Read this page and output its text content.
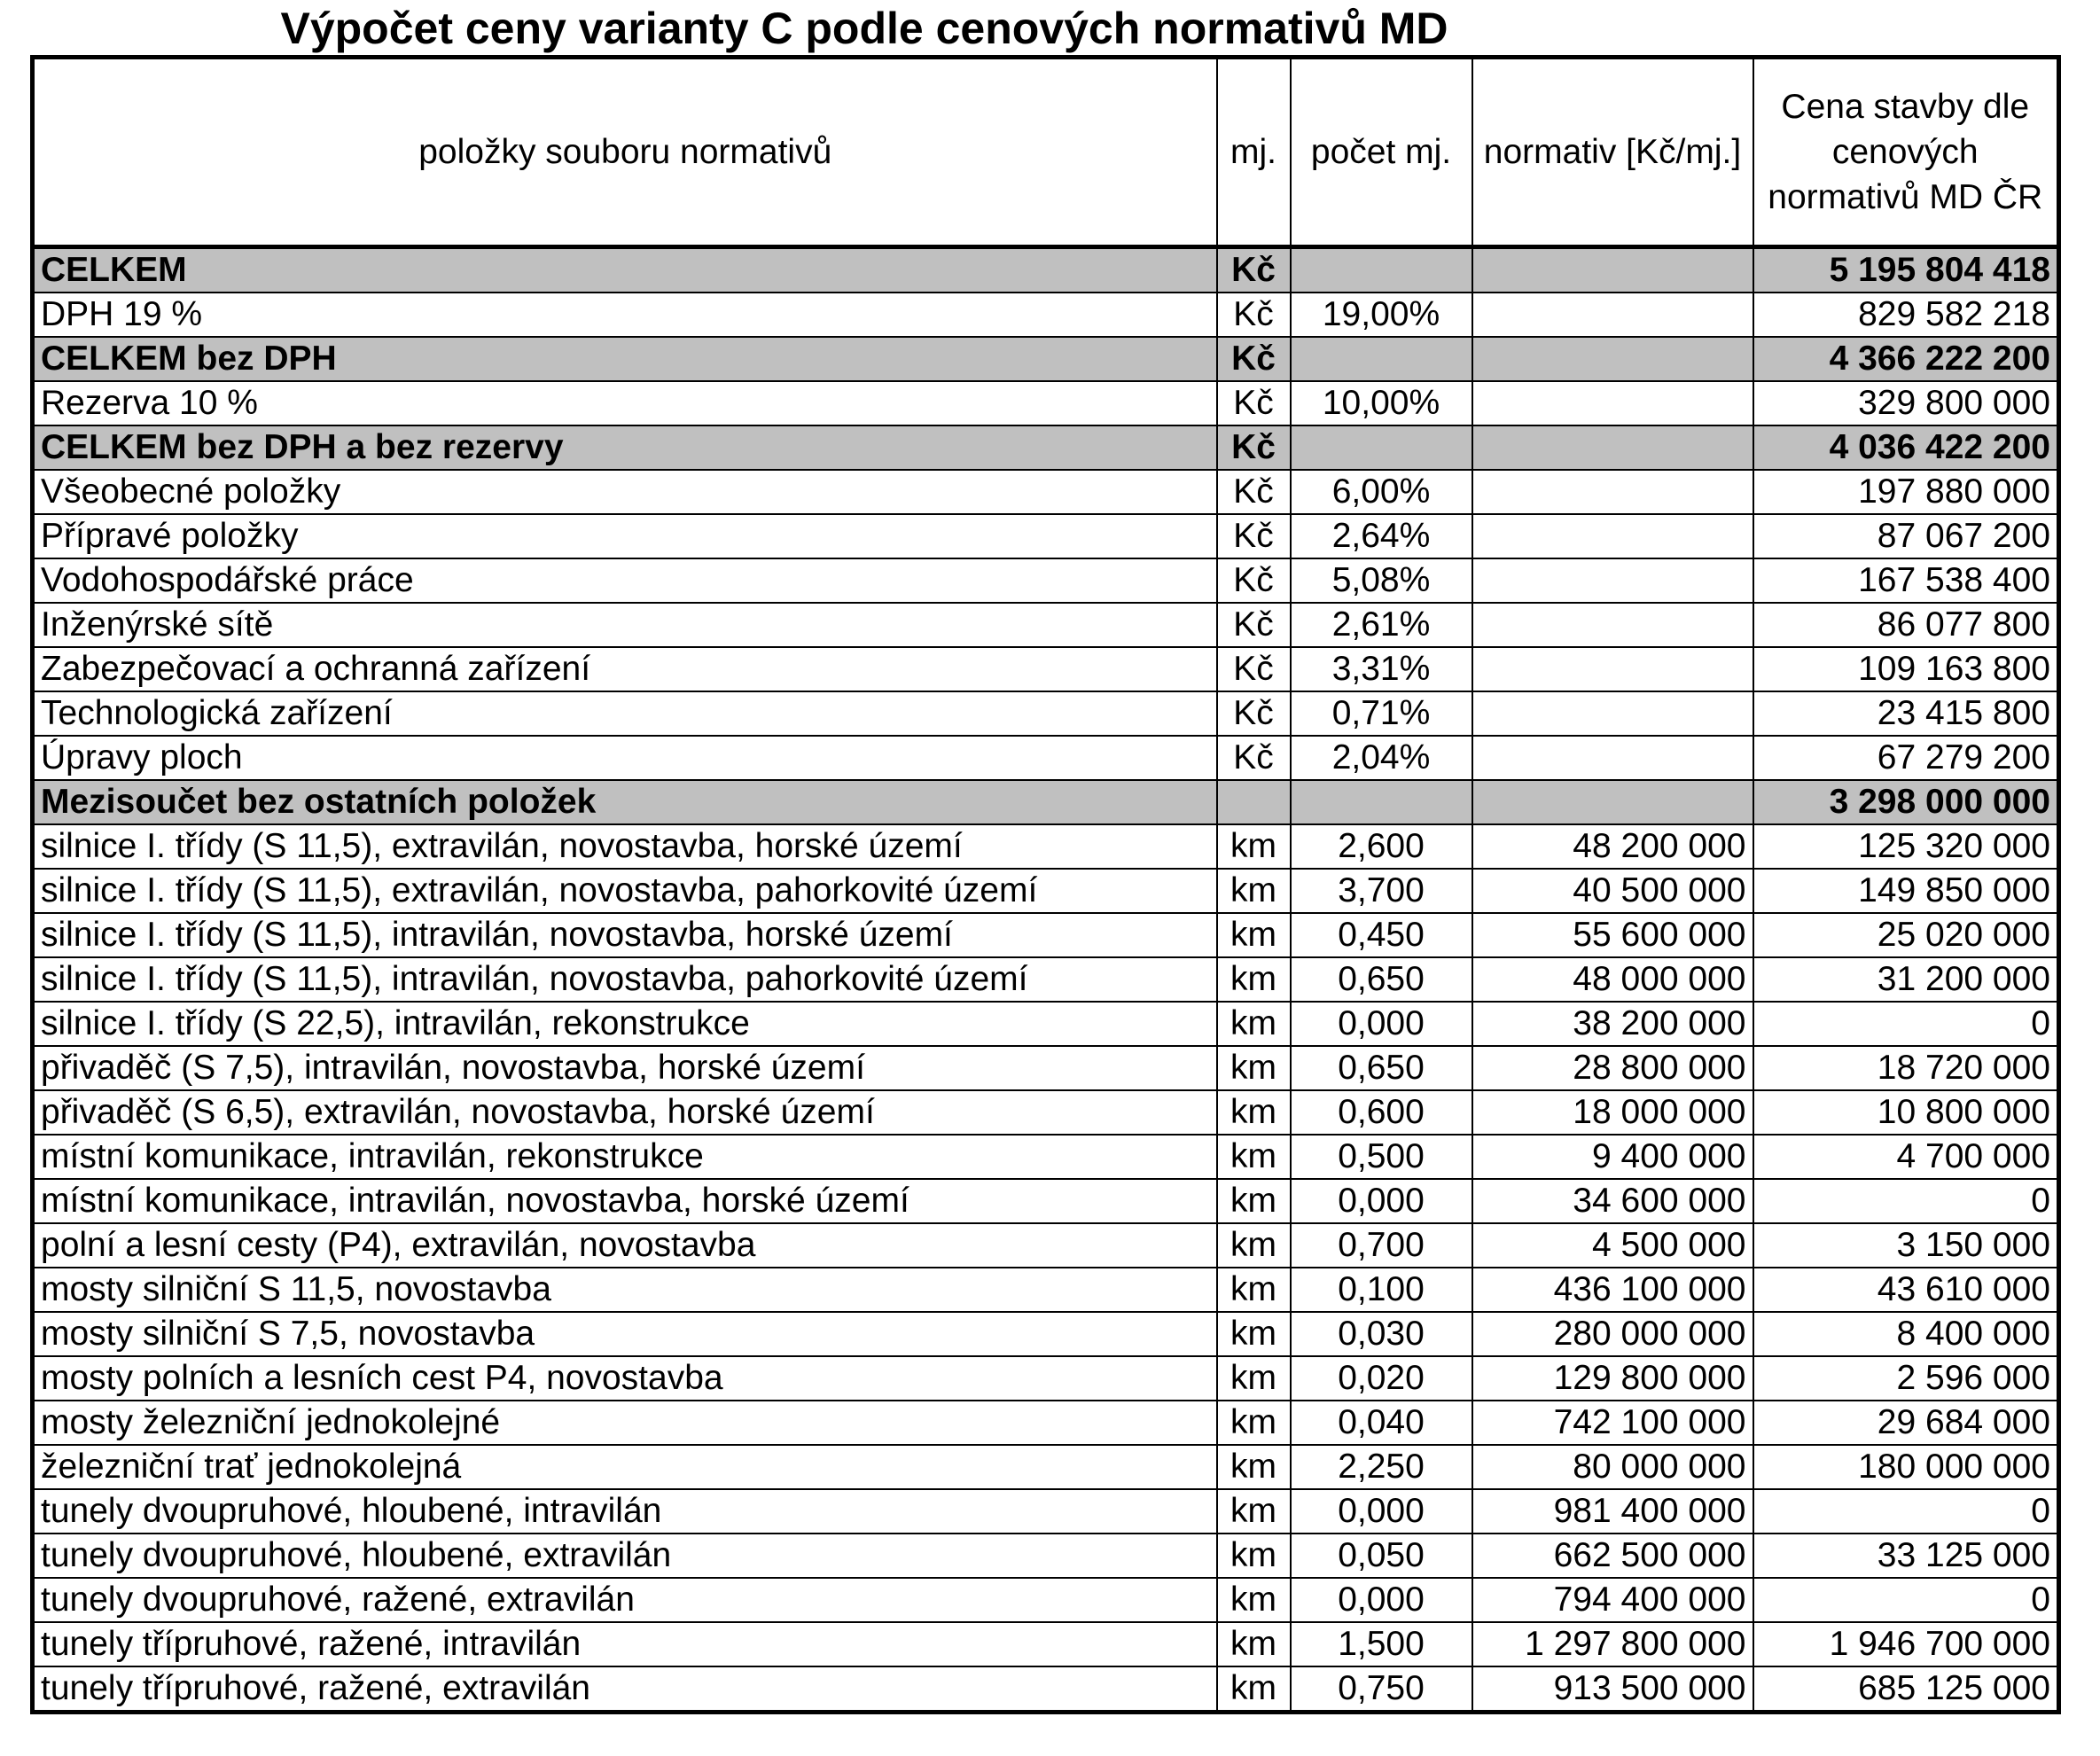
Výpočet ceny varianty C podle cenových normativů MD
položky souboru normativů	mj.	počet mj.	normativ [Kč/mj.]	Cena stavby dle cenových normativů MD ČR
CELKEM	Kč			5 195 804 418
DPH 19 %	Kč	19,00%		829 582 218
CELKEM bez DPH	Kč			4 366 222 200
Rezerva 10 %	Kč	10,00%		329 800 000
CELKEM bez DPH a bez rezervy	Kč			4 036 422 200
Všeobecné položky	Kč	6,00%		197 880 000
Přípravé položky	Kč	2,64%		87 067 200
Vodohospodářské práce	Kč	5,08%		167 538 400
Inženýrské sítě	Kč	2,61%		86 077 800
Zabezpečovací a ochranná zařízení	Kč	3,31%		109 163 800
Technologická zařízení	Kč	0,71%		23 415 800
Úpravy ploch	Kč	2,04%		67 279 200
Mezisoučet bez ostatních položek				3 298 000 000
silnice I. třídy (S 11,5), extravilán, novostavba, horské území	km	2,600	48 200 000	125 320 000
silnice I. třídy (S 11,5), extravilán, novostavba, pahorkovité území	km	3,700	40 500 000	149 850 000
silnice I. třídy (S 11,5), intravilán, novostavba, horské území	km	0,450	55 600 000	25 020 000
silnice I. třídy (S 11,5), intravilán, novostavba, pahorkovité území	km	0,650	48 000 000	31 200 000
silnice I. třídy (S 22,5), intravilán, rekonstrukce	km	0,000	38 200 000	0
přivaděč (S 7,5), intravilán, novostavba, horské území	km	0,650	28 800 000	18 720 000
přivaděč (S 6,5), extravilán, novostavba, horské území	km	0,600	18 000 000	10 800 000
místní komunikace, intravilán, rekonstrukce	km	0,500	9 400 000	4 700 000
místní komunikace, intravilán, novostavba, horské území	km	0,000	34 600 000	0
polní a lesní cesty (P4), extravilán, novostavba	km	0,700	4 500 000	3 150 000
mosty silniční S 11,5, novostavba	km	0,100	436 100 000	43 610 000
mosty silniční S 7,5, novostavba	km	0,030	280 000 000	8 400 000
mosty polních a lesních cest P4, novostavba	km	0,020	129 800 000	2 596 000
mosty železniční jednokolejné	km	0,040	742 100 000	29 684 000
železniční trať jednokolejná	km	2,250	80 000 000	180 000 000
tunely dvoupruhové, hloubené, intravilán	km	0,000	981 400 000	0
tunely dvoupruhové, hloubené, extravilán	km	0,050	662 500 000	33 125 000
tunely dvoupruhové, ražené, extravilán	km	0,000	794 400 000	0
tunely třípruhové, ražené, intravilán	km	1,500	1 297 800 000	1 946 700 000
tunely třípruhové, ražené, extravilán	km	0,750	913 500 000	685 125 000
